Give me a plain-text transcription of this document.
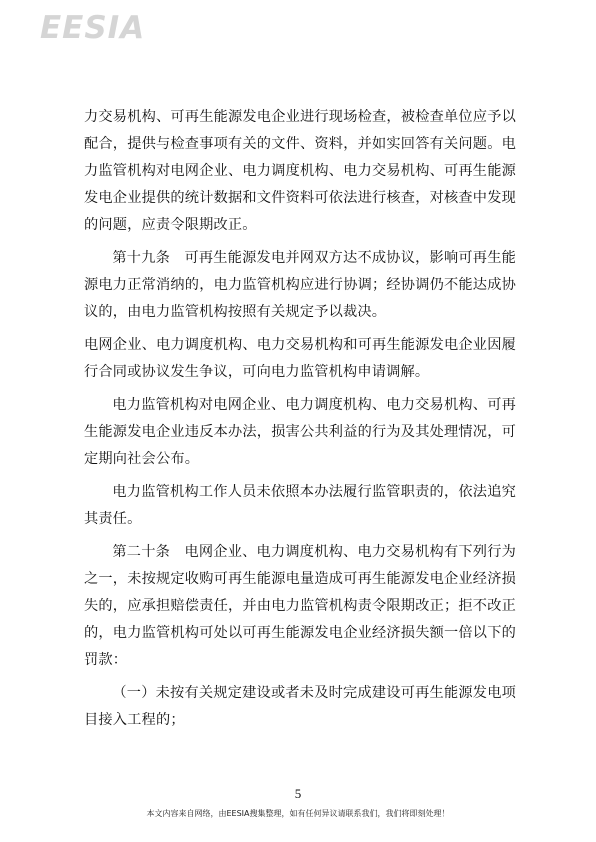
EESIA

力交易机构、可再生能源发电企业进行现场检查，被检查单位应予以配合，提供与检查事项有关的文件、资料，并如实回答有关问题。电力监管机构对电网企业、电力调度机构、电力交易机构、可再生能源发电企业提供的统计数据和文件资料可依法进行核查，对核查中发现的问题，应责令限期改正。

第十九条　可再生能源发电并网双方达不成协议，影响可再生能源电力正常消纳的，电力监管机构应进行协调；经协调仍不能达成协议的，由电力监管机构按照有关规定予以裁决。

电网企业、电力调度机构、电力交易机构和可再生能源发电企业因履行合同或协议发生争议，可向电力监管机构申请调解。

电力监管机构对电网企业、电力调度机构、电力交易机构、可再生能源发电企业违反本办法，损害公共利益的行为及其处理情况，可定期向社会公布。

电力监管机构工作人员未依照本办法履行监管职责的，依法追究其责任。

第二十条　电网企业、电力调度机构、电力交易机构有下列行为之一，未按规定收购可再生能源电量造成可再生能源发电企业经济损失的，应承担赔偿责任，并由电力监管机构责令限期改正；拒不改正的，电力监管机构可处以可再生能源发电企业经济损失额一倍以下的罚款：

（一）未按有关规定建设或者未及时完成建设可再生能源发电项目接入工程的；

5
本文内容来自网络，由EESIA搜集整理，如有任何异议请联系我们，我们将即刻处理！
